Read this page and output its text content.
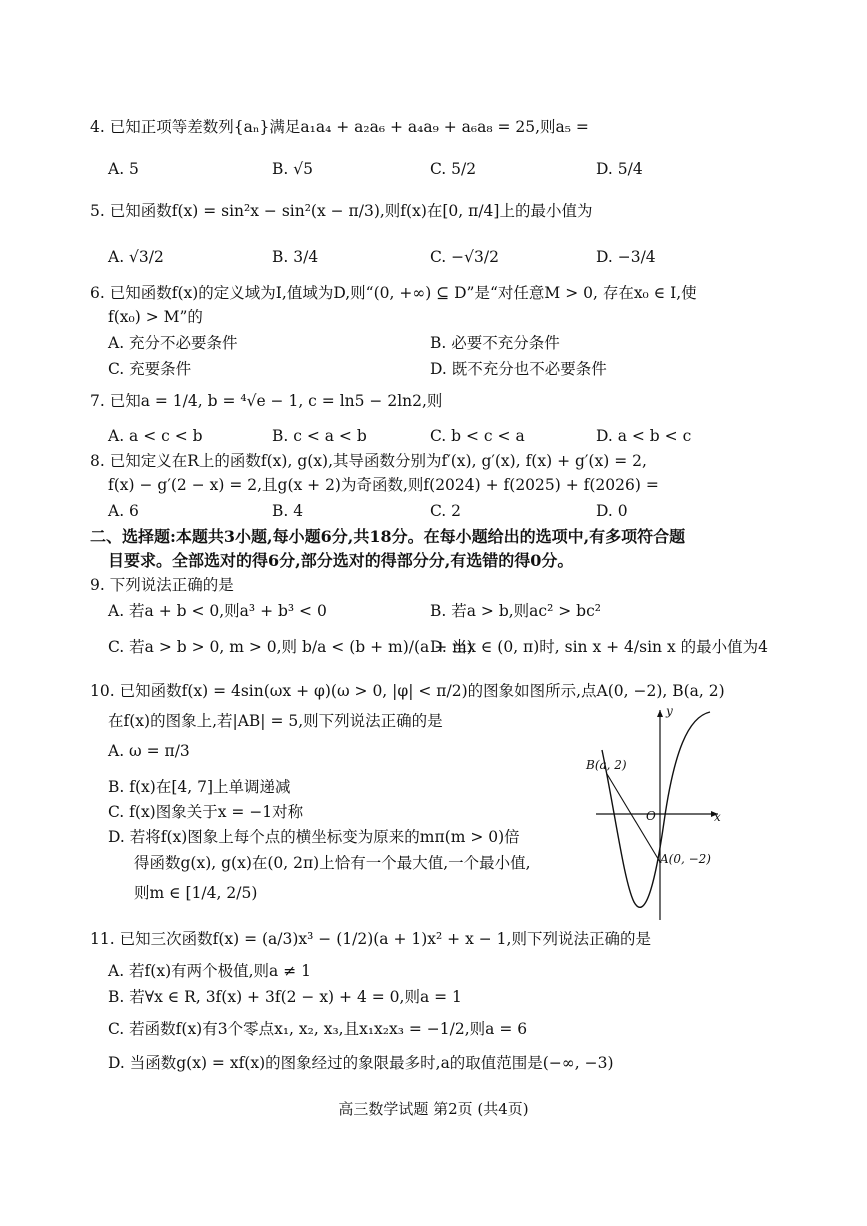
4. 已知正项等差数列{aₙ}满足a₁a₄ + a₂a₆ + a₄a₉ + a₆a₈ = 25,则a₅ =
A. 5	B. √5	C. 5/2	D. 5/4
5. 已知函数f(x) = sin²x − sin²(x − π/3),则f(x)在[0, π/4]上的最小值为
A. √3/2	B. 3/4	C. −√3/2	D. −3/4
6. 已知函数f(x)的定义域为I,值域为D,则“(0, +∞) ⊆ D”是“对任意M > 0, 存在x₀ ∈ I,使
f(x₀) > M”的
A. 充分不必要条件	B. 必要不充分条件
C. 充要条件	D. 既不充分也不必要条件
7. 已知a = 1/4, b = ⁴√e − 1, c = ln5 − 2ln2,则
A. a < c < b	B. c < a < b	C. b < c < a	D. a < b < c
8. 已知定义在R上的函数f(x), g(x),其导函数分别为f′(x), g′(x), f(x) + g′(x) = 2,
f(x) − g′(2 − x) = 2,且g(x + 2)为奇函数,则f(2024) + f(2025) + f(2026) =
A. 6	B. 4	C. 2	D. 0
二、选择题:本题共3小题,每小题6分,共18分。在每小题给出的选项中,有多项符合题
目要求。全部选对的得6分,部分选对的得部分分,有选错的得0分。
9. 下列说法正确的是
A. 若a + b < 0,则a³ + b³ < 0	B. 若a > b,则ac² > bc²
C. 若a > b > 0, m > 0,则 b/a < (b + m)/(a + m)
D. 当x ∈ (0, π)时, sin x + 4/sin x 的最小值为4
10. 已知函数f(x) = 4sin(ωx + φ)(ω > 0, |φ| < π/2)的图象如图所示,点A(0, −2), B(a, 2)
在f(x)的图象上,若|AB| = 5,则下列说法正确的是
A. ω = π/3
B. f(x)在[4, 7]上单调递减
C. f(x)图象关于x = −1对称
D. 若将f(x)图象上每个点的横坐标变为原来的mπ(m > 0)倍
得函数g(x), g(x)在(0, 2π)上恰有一个最大值,一个最小值,
则m ∈ [1/4, 2/5)
y
x
O
B(a, 2)
A(0, −2)
11. 已知三次函数f(x) = (a/3)x³ − (1/2)(a + 1)x² + x − 1,则下列说法正确的是
A. 若f(x)有两个极值,则a ≠ 1
B. 若∀x ∈ R, 3f(x) + 3f(2 − x) + 4 = 0,则a = 1
C. 若函数f(x)有3个零点x₁, x₂, x₃,且x₁x₂x₃ = −1/2,则a = 6
D. 当函数g(x) = xf(x)的图象经过的象限最多时,a的取值范围是(−∞, −3)
高三数学试题 第2页 (共4页)
